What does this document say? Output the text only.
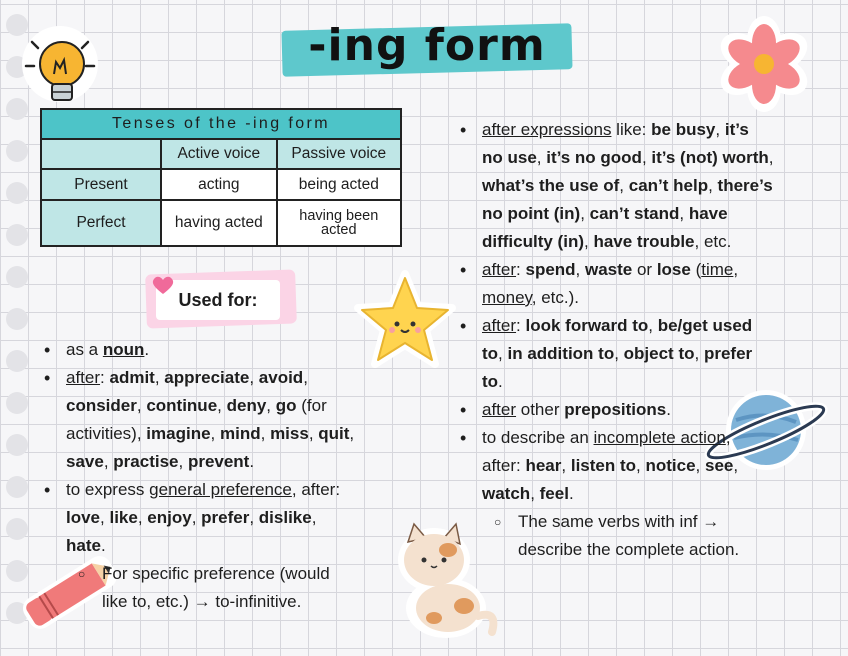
-ing form
Tenses of the -ing form		
	Active voice	Passive voice
Present	acting	being acted
Perfect	having acted	having been
acted
Used for:
• as a noun.
• after: admit, appreciate, avoid,
consider, continue, deny, go (for
activities), imagine, mind, miss, quit,
save, practise, prevent.
• to express general preference, after:
love, like, enjoy, prefer, dislike,
hate.
○ For specific preference (would
like to, etc.) → to-infinitive.
• after expressions like: be busy, it’s
no use, it’s no good, it’s (not) worth,
what’s the use of, can’t help, there’s
no point (in), can’t stand, have
difficulty (in), have trouble, etc.
• after: spend, waste or lose (time,
money, etc.).
• after: look forward to, be/get used
to, in addition to, object to, prefer
to.
• after other prepositions.
• to describe an incomplete action,
after: hear, listen to, notice, see,
watch, feel.
○ The same verbs with inf →
describe the complete action.
